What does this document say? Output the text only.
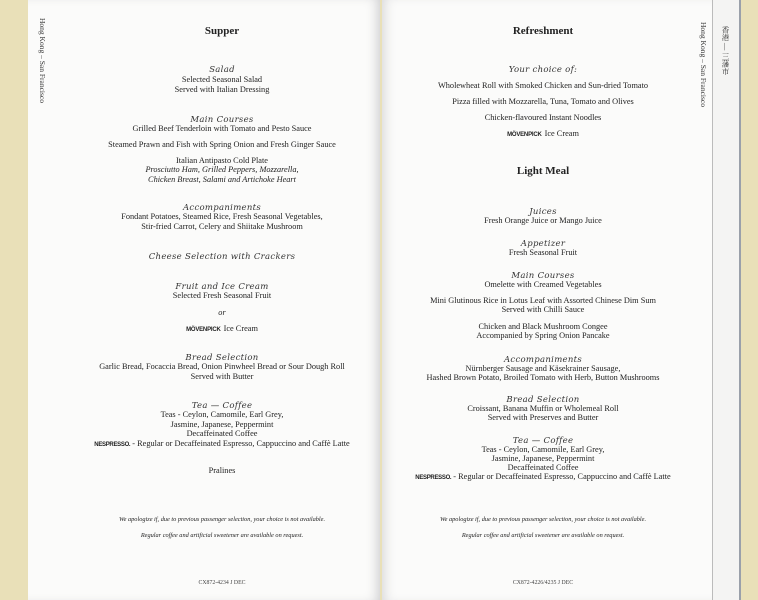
Hong Kong – San Francisco	Supper
Salad
Selected Seasonal Salad
Served with Italian Dressing
Main Courses
Grilled Beef Tenderloin with Tomato and Pesto Sauce
Steamed Prawn and Fish with Spring Onion and Fresh Ginger Sauce
Italian Antipasto Cold Plate
Prosciutto Ham, Grilled Peppers, Mozzarella,
Chicken Breast, Salami and Artichoke Heart
Accompaniments
Fondant Potatoes, Steamed Rice, Fresh Seasonal Vegetables,
Stir-fried Carrot, Celery and Shiitake Mushroom
Cheese Selection with Crackers
Fruit and Ice Cream
Selected Fresh Seasonal Fruit
or
MÖVENPICK Ice Cream
Bread Selection
Garlic Bread, Focaccia Bread, Onion Pinwheel Bread or Sour Dough Roll
Served with Butter
Tea — Coffee
Teas - Ceylon, Camomile, Earl Grey,
Jasmine, Japanese, Peppermint
Decaffeinated Coffee
NESPRESSO. - Regular or Decaffeinated Espresso, Cappuccino and Caffè Latte
Pralines
We apologize if, due to previous passenger selection, your choice is not available.
Regular coffee and artificial sweetener are available on request.
CX872-4234 J DEC
Refreshment
Your choice of:
Wholewheat Roll with Smoked Chicken and Sun-dried Tomato
Pizza filled with Mozzarella, Tuna, Tomato and Olives
Chicken-flavoured Instant Noodles
MÖVENPICK Ice Cream
Light Meal
Juices
Fresh Orange Juice or Mango Juice
Appetizer
Fresh Seasonal Fruit
Main Courses
Omelette with Creamed Vegetables
Mini Glutinous Rice in Lotus Leaf with Assorted Chinese Dim Sum
Served with Chilli Sauce
Chicken and Black Mushroom Congee
Accompanied by Spring Onion Pancake
Accompaniments
Nürnberger Sausage and Käsekrainer Sausage,
Hashed Brown Potato, Broiled Tomato with Herb, Button Mushrooms
Bread Selection
Croissant, Banana Muffin or Wholemeal Roll
Served with Preserves and Butter
Tea — Coffee
Teas - Ceylon, Camomile, Earl Grey,
Jasmine, Japanese, Peppermint
Decaffeinated Coffee
NESPRESSO. - Regular or Decaffeinated Espresso, Cappuccino and Caffè Latte
We apologize if, due to previous passenger selection, your choice is not available.
Regular coffee and artificial sweetener are available on request.
CX872-4226/4235 J DEC
Hong Kong – San Francisco 香港 — 三藩市
